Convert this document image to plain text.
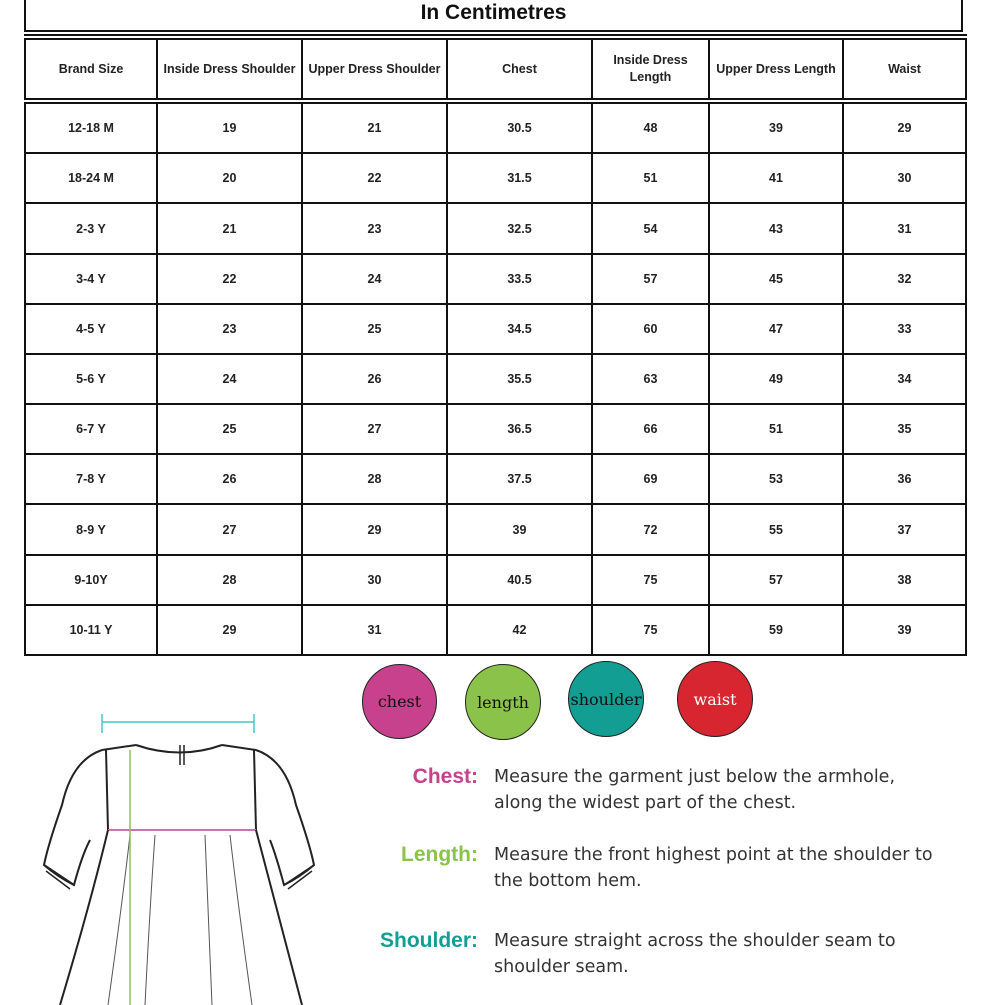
In Centimetres
Brand Size	Inside Dress Shoulder	Upper Dress Shoulder	Chest	Inside Dress Length	Upper Dress Length	Waist
12-18 M	19	21	30.5	48	39	29
18-24 M	20	22	31.5	51	41	30
2-3 Y	21	23	32.5	54	43	31
3-4 Y	22	24	33.5	57	45	32
4-5 Y	23	25	34.5	60	47	33
5-6 Y	24	26	35.5	63	49	34
6-7 Y	25	27	36.5	66	51	35
7-8 Y	26	28	37.5	69	53	36
8-9 Y	27	29	39	72	55	37
9-10Y	28	30	40.5	75	57	38
10-11 Y	29	31	42	75	59	39
chest	length	shoulder	waist
Chest: Measure the garment just below the armhole, along the widest part of the chest.
Length: Measure the front highest point at the shoulder to the bottom hem.
Shoulder: Measure straight across the shoulder seam to shoulder seam.
